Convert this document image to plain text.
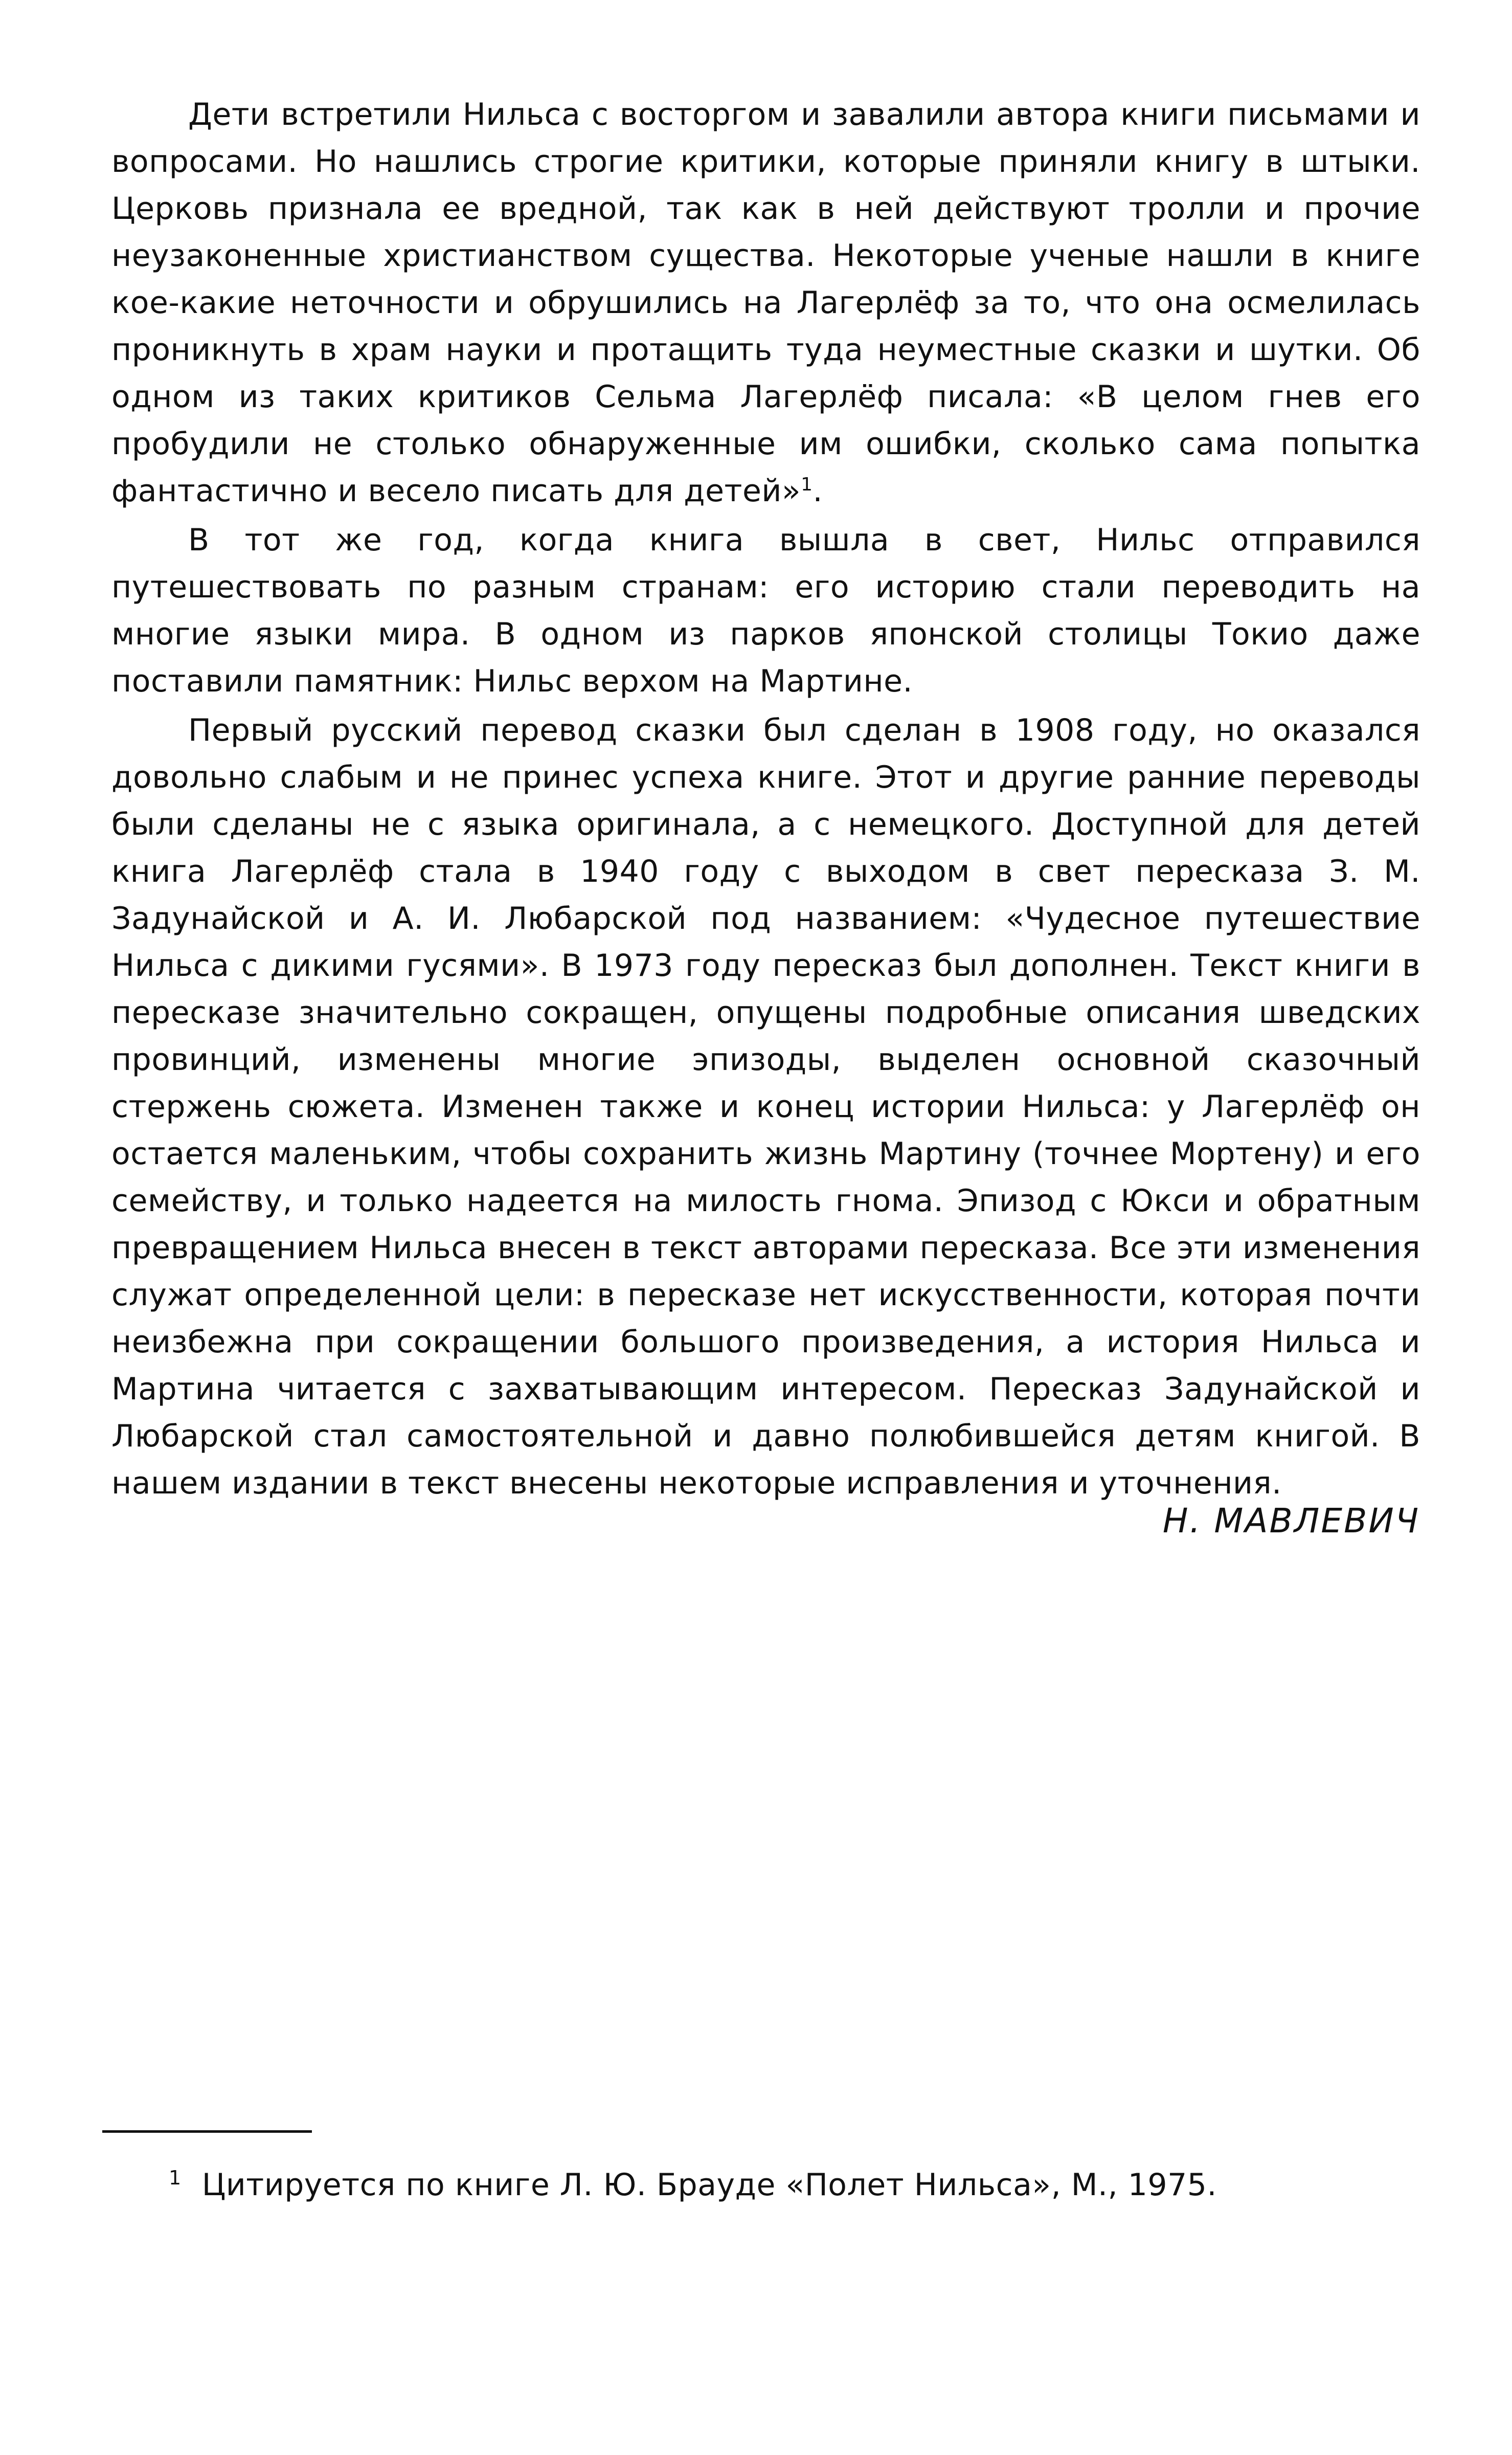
Дети встретили Нильса с восторгом и завалили автора книги письмами и вопросами. Но нашлись строгие критики, которые приняли книгу в штыки. Церковь признала ее вредной, так как в ней действуют тролли и прочие неузаконенные христианством существа. Некоторые ученые нашли в книге кое-какие неточности и обрушились на Лагерлёф за то, что она осмелилась проникнуть в храм науки и протащить туда неуместные сказки и шутки. Об одном из таких критиков Сельма Лагерлёф писала: «В целом гнев его пробудили не столько обнаруженные им ошибки, сколько сама попытка фантастично и весело писать для детей»$^1$.

В тот же год, когда книга вышла в свет, Нильс отправился путешествовать по разным странам: его историю стали переводить на многие языки мира. В одном из парков японской столицы Токио даже поставили памятник: Нильс верхом на Мартине.

Первый русский перевод сказки был сделан в 1908 году, но оказался довольно слабым и не принес успеха книге. Этот и другие ранние переводы были сделаны не с языка оригинала, а с немецкого. Доступной для детей книга Лагерлёф стала в 1940 году с выходом в свет пересказа З. М. Задунайской и А. И. Любарской под названием: «Чудесное путешествие Нильса с дикими гусями». В 1973 году пересказ был дополнен. Текст книги в пересказе значительно сокращен, опущены подробные описания шведских провинций, изменены многие эпизоды, выделен основной сказочный стержень сюжета. Изменен также и конец истории Нильса: у Лагерлёф он остается маленьким, чтобы сохранить жизнь Мартину (точнее Мортену) и его семейству, и только надеется на милость гнома. Эпизод с Юкси и обратным превращением Нильса внесен в текст авторами пересказа. Все эти изменения служат определенной цели: в пересказе нет искусственности, которая почти неизбежна при сокращении большого произведения, а история Нильса и Мартина читается с захватывающим интересом. Пересказ Задунайской и Любарской стал самостоятельной и давно полюбившейся детям книгой. В нашем издании в текст внесены некоторые исправления и уточнения.

Н. МАВЛЕВИЧ
$^1$ Цитируется по книге Л. Ю. Брауде «Полет Нильса», М., 1975.
